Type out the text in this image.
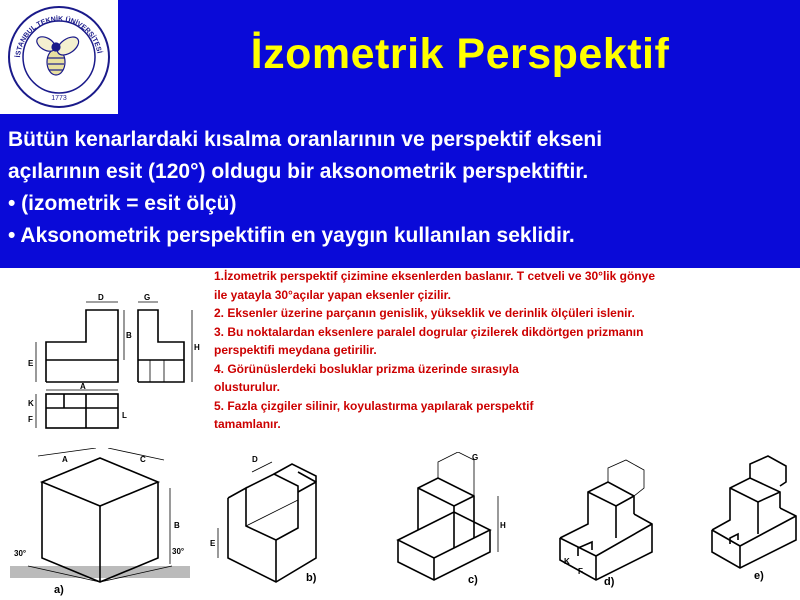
İSTANBUL TEKNİK ÜNİVERSİTESİ
1773
İzometrik Perspektif

Bütün kenarlardaki kısalma oranlarının ve perspektif ekseni

açılarının esit (120°) oldugu bir aksonometrik perspektiftir.

• (izometrik = esit ölçü)

• Aksonometrik perspektifin en yaygın kullanılan seklidir.

1.İzometrik perspektif çizimine eksenlerden baslanır. T cetveli ve 30°lik gönye

ile yatayla 30°açılar yapan eksenler çizilir.

2. Eksenler üzerine parçanın genislik, yükseklik ve derinlik ölçüleri islenir.

3. Bu noktalardan eksenlere paralel dogrular çizilerek dikdörtgen prizmanın

perspektifi meydana getirilir.

4. Görünüslerdeki bosluklar prizma üzerinde sırasıyla

olusturulur.

5. Fazla çizgiler silinir, koyulastırma yapılarak perspektif

tamamlanır.

D	G
A
E
B
H
K
F	L
A	C
B
30°	30°
a)
D
E
b)
G
H
c)
K
F
d)	e)
